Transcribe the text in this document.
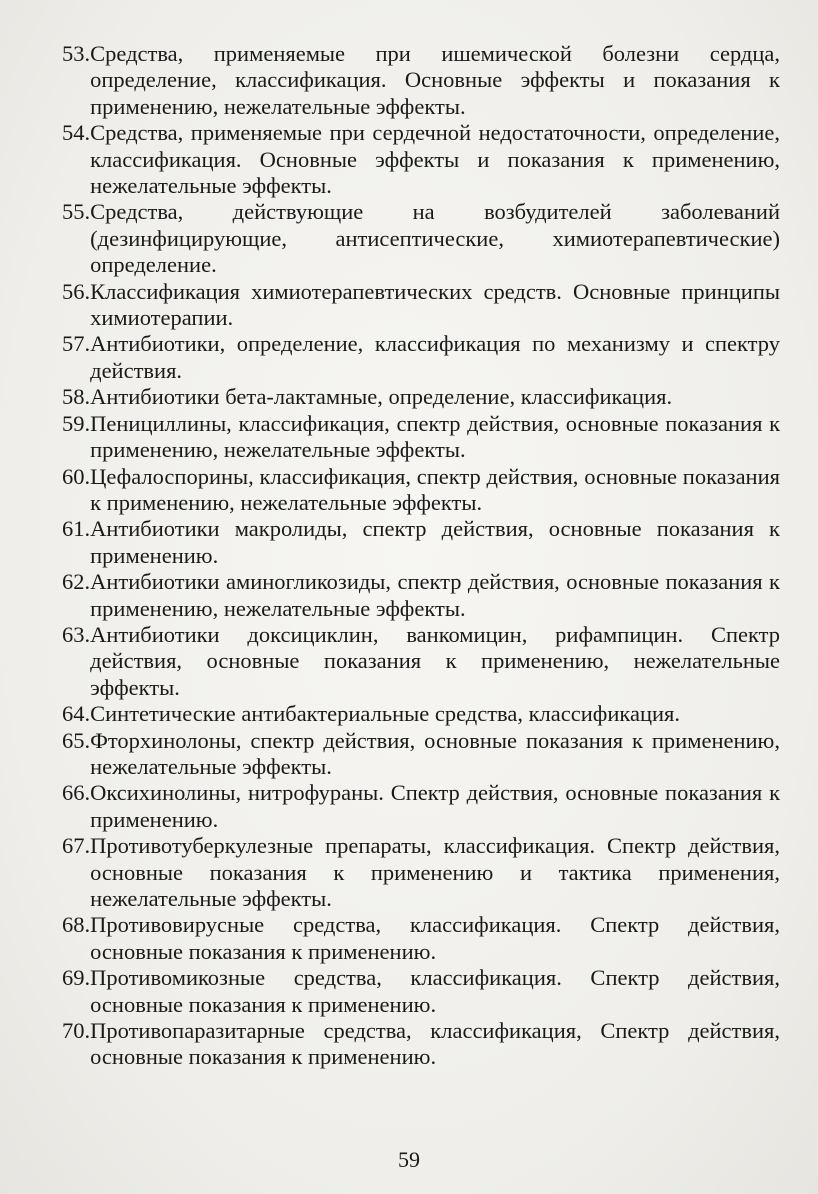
53.Средства, применяемые при ишемической болезни сердца, определение, классификация. Основные эффекты и показания к применению, нежелательные эффекты.
54.Средства, применяемые при сердечной недостаточности, определение, классификация. Основные эффекты и показания к применению, нежелательные эффекты.
55.Средства, действующие на возбудителей заболеваний (дезинфицирующие, антисептические, химиотерапевтические) определение.
56.Классификация химиотерапевтических средств. Основные принципы химиотерапии.
57.Антибиотики, определение, классификация по механизму и спектру действия.
58.Антибиотики бета-лактамные, определение, классификация.
59.Пенициллины, классификация, спектр действия, основные показания к применению, нежелательные эффекты.
60.Цефалоспорины, классификация, спектр действия, основные показания к применению, нежелательные эффекты.
61.Антибиотики макролиды, спектр действия, основные показания к применению.
62.Антибиотики аминогликозиды, спектр действия, основные показания к применению, нежелательные эффекты.
63.Антибиотики доксициклин, ванкомицин, рифампицин. Спектр действия, основные показания к применению, нежелательные эффекты.
64.Синтетические антибактериальные средства, классификация.
65.Фторхинолоны, спектр действия, основные показания к применению, нежелательные эффекты.
66.Оксихинолины, нитрофураны. Спектр действия, основные показания к применению.
67.Противотуберкулезные препараты, классификация. Спектр действия, основные показания к применению и тактика применения, нежелательные эффекты.
68.Противовирусные средства, классификация. Спектр действия, основные показания к применению.
69.Противомикозные средства, классификация. Спектр действия, основные показания к применению.
70.Противопаразитарные средства, классификация, Спектр действия, основные показания к применению.
59
